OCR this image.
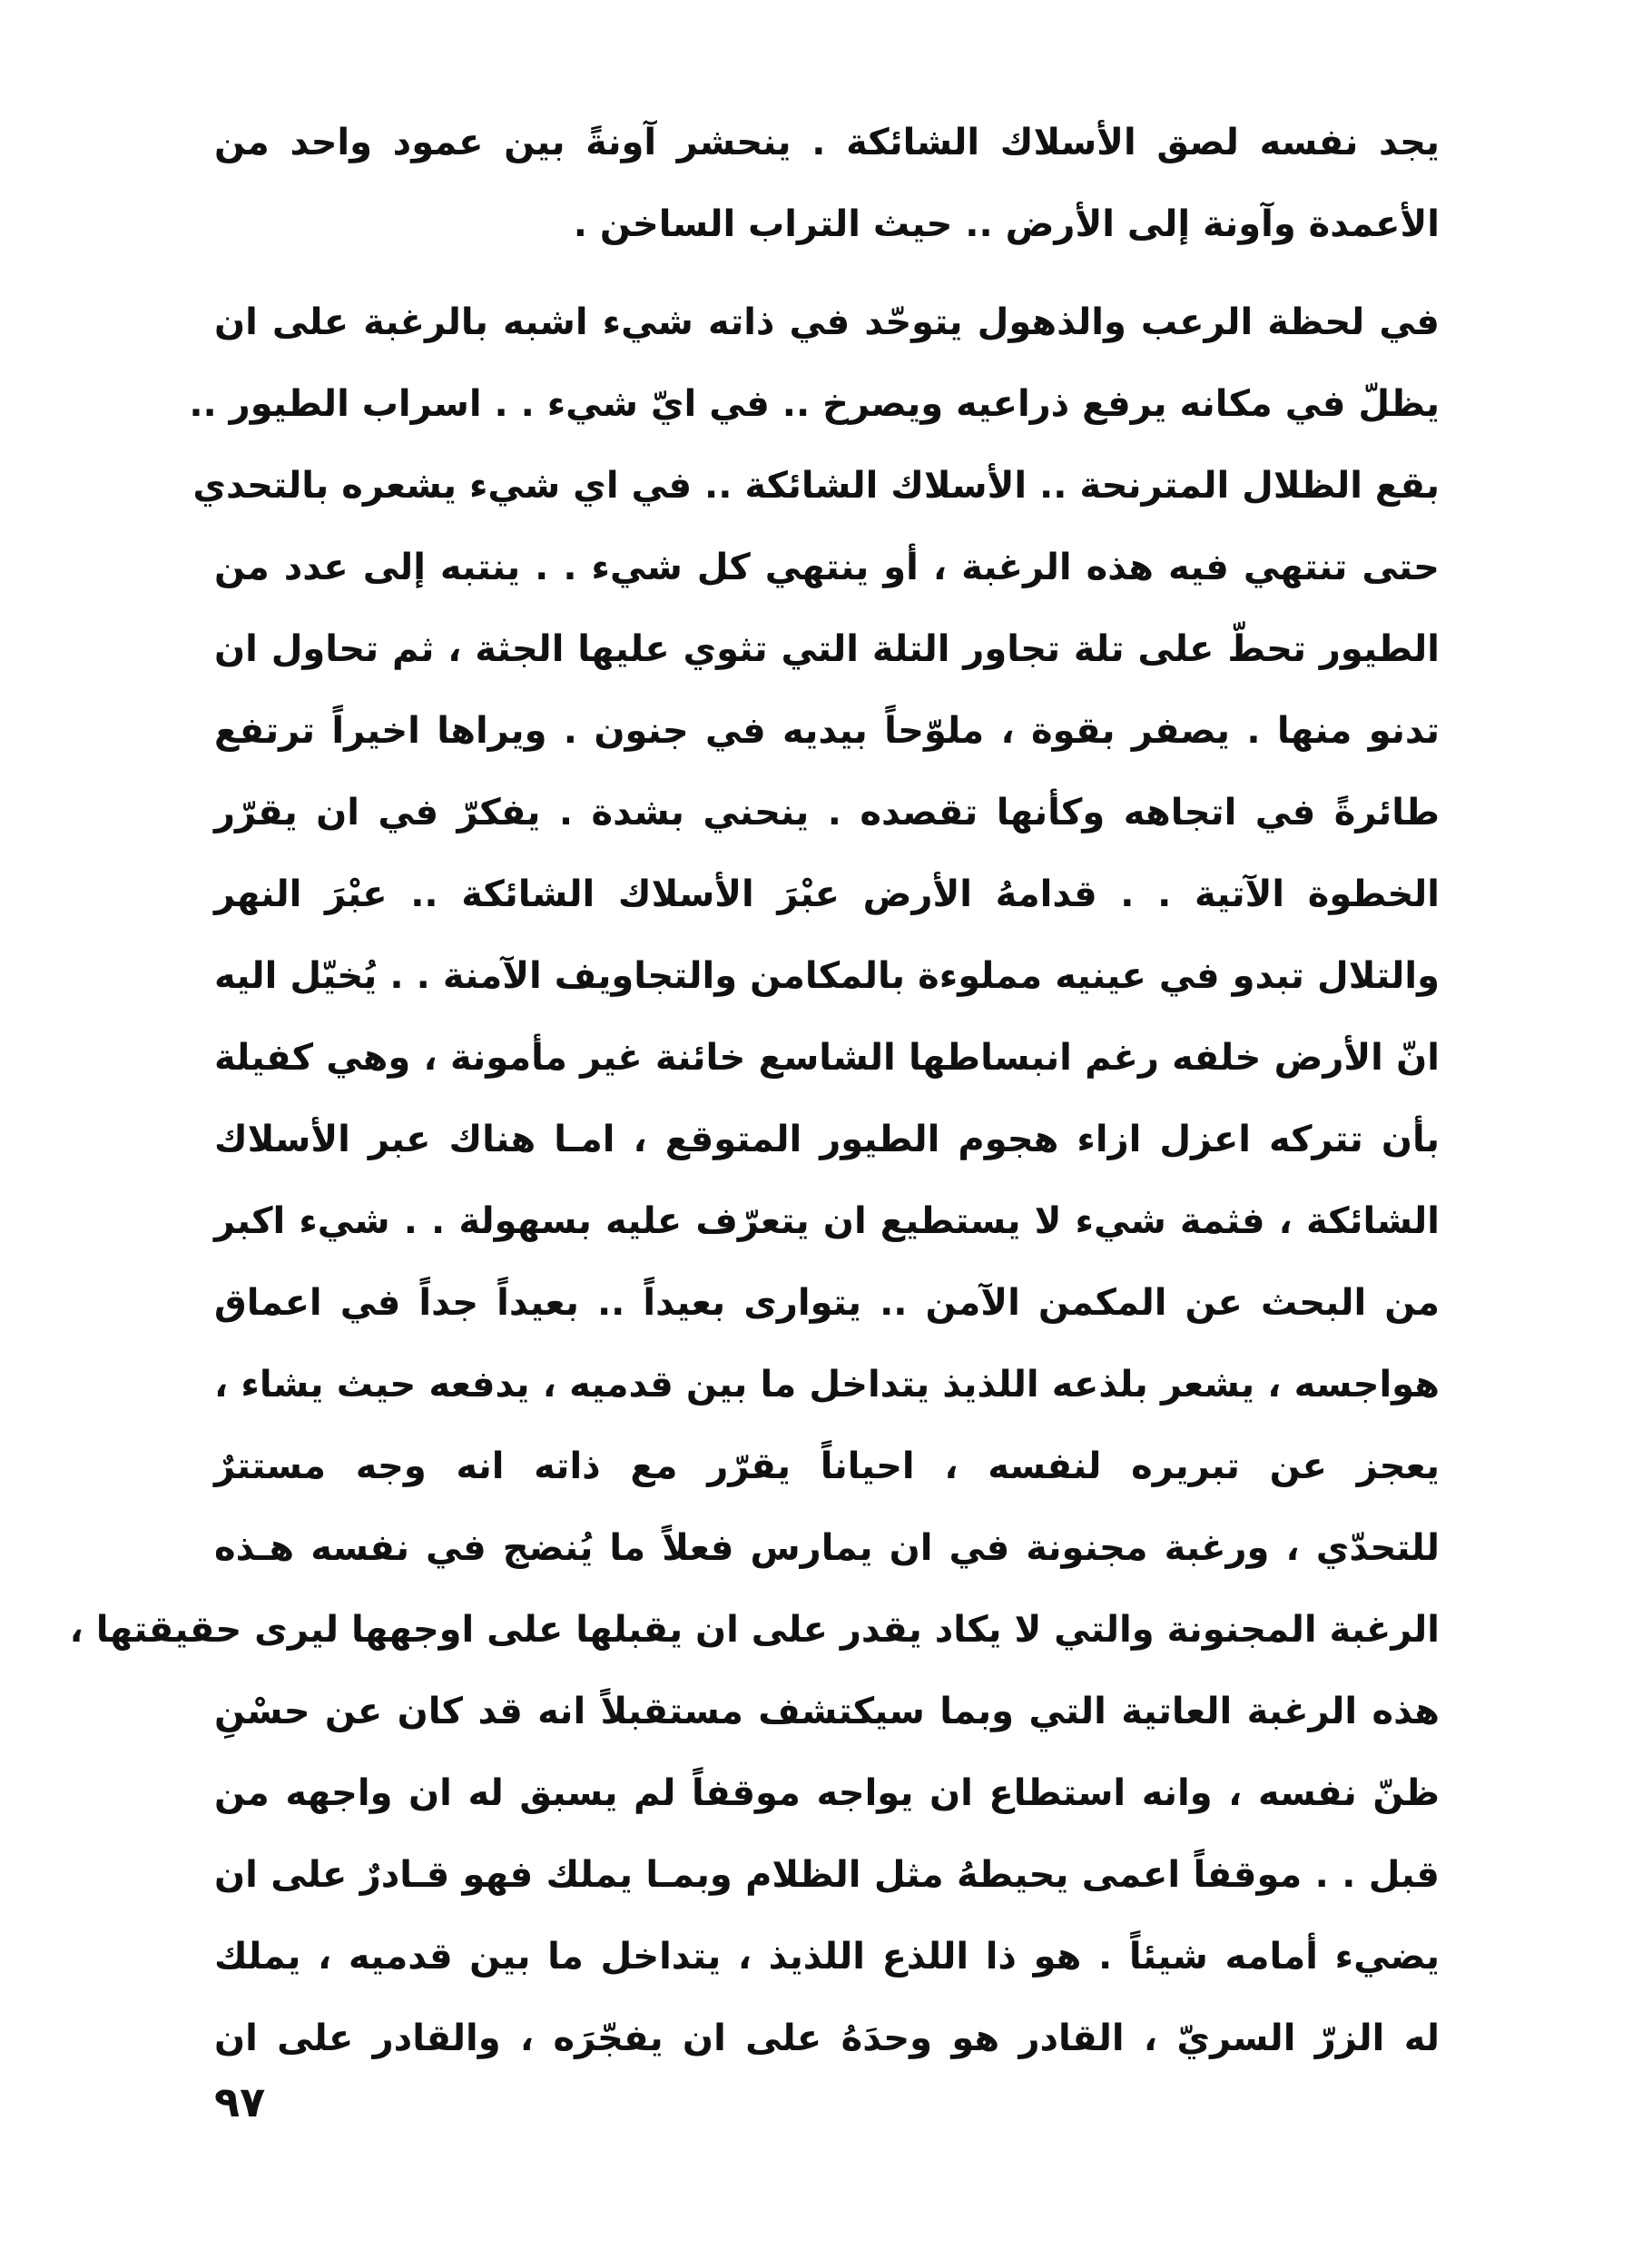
يجد نفسه لصق الأسلاك الشائكة . ينحشر آونةً بين عمود واحد من
الأعمدة وآونة إلى الأرض .. حيث التراب الساخن .
في لحظة الرعب والذهول يتوحّد في ذاته شيء اشبه بالرغبة على ان
يظلّ في مكانه يرفع ذراعيه ويصرخ .. في ايّ شيء . . اسراب الطيور ..
بقع الظلال المترنحة .. الأسلاك الشائكة .. في اي شيء يشعره بالتحدي
حتى تنتهي فيه هذه الرغبة ، أو ينتهي كل شيء . . ينتبه إلى عدد من
الطيور تحطّ على تلة تجاور التلة التي تثوي عليها الجثة ، ثم تحاول ان
تدنو منها . يصفر بقوة ، ملوّحاً بيديه في جنون . ويراها اخيراً ترتفع
طائرةً في اتجاهه وكأنها تقصده . ينحني بشدة . يفكرّ في ان يقرّر
الخطوة الآتية . . قدامهُ الأرض عبْرَ الأسلاك الشائكة .. عبْرَ النهر
والتلال تبدو في عينيه مملوءة بالمكامن والتجاويف الآمنة . . يُخيّل اليه
انّ الأرض خلفه رغم انبساطها الشاسع خائنة غير مأمونة ، وهي كفيلة
بأن تتركه اعزل ازاء هجوم الطيور المتوقع ، امـا هناك عبر الأسلاك
الشائكة ، فثمة شيء لا يستطيع ان يتعرّف عليه بسهولة . . شيء اكبر
من البحث عن المكمن الآمن .. يتوارى بعيداً .. بعيداً جداً في اعماق
هواجسه ، يشعر بلذعه اللذيذ يتداخل ما بين قدميه ، يدفعه حيث يشاء ،
يعجز عن تبريره لنفسه ، احياناً يقرّر مع ذاته انه وجه مستترٌ
للتحدّي ، ورغبة مجنونة في ان يمارس فعلاً ما يُنضج في نفسه هـذه
الرغبة المجنونة والتي لا يكاد يقدر على ان يقبلها على اوجهها ليرى حقيقتها ،
هذه الرغبة العاتية التي وبما سيكتشف مستقبلاً انه قد كان عن حسْنِ
ظنّ نفسه ، وانه استطاع ان يواجه موقفاً لم يسبق له ان واجهه من
قبل . . موقفاً اعمى يحيطهُ مثل الظلام وبمـا يملك فهو قـادرٌ على ان
يضيء أمامه شيئاً . هو ذا اللذع اللذيذ ، يتداخل ما بين قدميه ، يملك
له الزرّ السريّ ، القادر هو وحدَهُ على ان يفجّرَه ، والقادر على ان
٩٧
